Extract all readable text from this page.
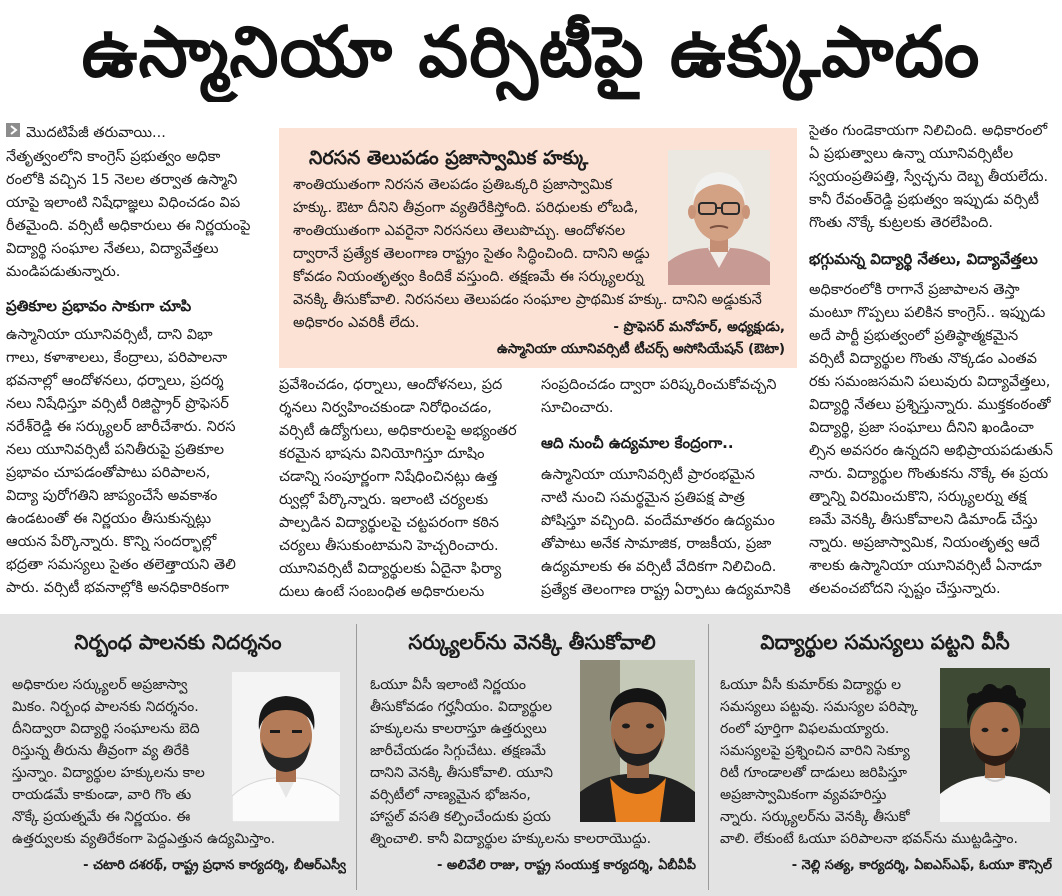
ఉస్మానియా వర్సిటీపై ఉక్కుపాదం
మొదటిపేజీ తరువాయి...
నేతృత్వంలోని కాంగ్రెస్ ప్రభుత్వం అధికా
రంలోకి వచ్చిన 15 నెలల తర్వాత ఉస్మాని
యాపై ఇలాంటి నిషేధాజ్ఞలు విధించడం విప
రీతమైంది. వర్సిటీ అధికారులు ఈ నిర్ణయంపై
విద్యార్థి సంఘాల నేతలు, విద్యావేత్తలు
మండిపడుతున్నారు.
ప్రతికూల ప్రభావం సాకుగా చూపి
ఉస్మానియా యూనివర్సిటీ, దాని విభా
గాలు, కళాశాలలు, కేంద్రాలు, పరిపాలనా
భవనాల్లో ఆందోళనలు, ధర్నాలు, ప్రదర్శ
నలు నిషేధిస్తూ వర్సిటీ రిజిస్ట్రార్ ప్రొఫెసర్
నరేశ్‌రెడ్డి ఈ సర్క్యులర్ జారీచేశారు. నిరస
నలు యూనివర్సిటీ పనితీరుపై ప్రతికూల
ప్రభావం చూపడంతోపాటు పరిపాలన,
విద్యా పురోగతిని జాప్యంచేసే అవకాశం
ఉండటంతో ఈ నిర్ణయం తీసుకున్నట్లు
ఆయన పేర్కొన్నారు. కొన్ని సందర్భాల్లో
భద్రతా సమస్యలు సైతం తలెత్తాయని తెలి
పారు. వర్సిటీ భవనాల్లోకి అనధికారికంగా
నిరసన తెలుపడం ప్రజాస్వామిక హక్కు
శాంతియుతంగా నిరసన తెలపడం ప్రతిఒక్కరి ప్రజాస్వామిక
హక్కు. ఔటా దీనిని తీవ్రంగా వ్యతిరేకిస్తోంది. పరిధులకు లోబడి,
శాంతియుతంగా ఎవరైనా నిరసనలు తెలుపొచ్చు. ఆందోళనల
ద్వారానే ప్రత్యేక తెలంగాణ రాష్ట్రం సైతం సిద్ధించింది. దానిని అడ్డు
కోవడం నియంతృత్వం కిందికే వస్తుంది. తక్షణమే ఈ సర్క్యులర్ను
వెనక్కి తీసుకోవాలి. నిరసనలు తెలుపడం సంఘాల ప్రాథమిక హక్కు. దానిని అడ్డుకునే
అధికారం ఎవరికీ లేదు.	- ప్రొఫెసర్ మనోహర్, అధ్యక్షుడు,
ఉస్మానియా యూనివర్సిటీ టీచర్స్ అసోసియేషన్ (ఔటా)
ప్రవేశించడం, ధర్నాలు, ఆందోళనలు, ప్రద
ర్శనలు నిర్వహించకుండా నిరోధించడం,
వర్సిటీ ఉద్యోగులు, అధికారులపై అభ్యంతర
కరమైన భాషను వినియోగిస్తూ దూషిం
చడాన్ని సంపూర్ణంగా నిషేధించినట్లు ఉత్త
ర్వుల్లో పేర్కొన్నారు. ఇలాంటి చర్యలకు
పాల్పడిన విద్యార్థులపై చట్టపరంగా కఠిన
చర్యలు తీసుకుంటామని హెచ్చరించారు.
యూనివర్సిటీ విద్యార్థులకు ఏదైనా ఫిర్యా
దులు ఉంటే సంబంధిత అధికారులను
సంప్రదించడం ద్వారా పరిష్కరించుకోవచ్చని
సూచించారు.
ఆది నుంచీ ఉద్యమాల కేంద్రంగా..
ఉస్మానియా యూనివర్సిటీ ప్రారంభమైన
నాటి నుంచి సమర్థమైన ప్రతిపక్ష పాత్ర
పోషిస్తూ వచ్చింది. వందేమాతరం ఉద్యమం
తోపాటు అనేక సామాజిక, రాజకీయ, ప్రజా
ఉద్యమాలకు ఈ వర్సిటీ వేదికగా నిలిచింది.
ప్రత్యేక తెలంగాణ రాష్ట్ర ఏర్పాటు ఉద్యమానికి
సైతం గుండెకాయగా నిలిచింది. అధికారంలో
ఏ ప్రభుత్వాలు ఉన్నా యూనివర్సిటీల
స్వయంప్రతిపత్తి, స్వేచ్ఛను దెబ్బ తీయలేదు.
కానీ రేవంత్‌రెడ్డి ప్రభుత్వం ఇప్పుడు వర్సిటీ
గొంతు నొక్కే కుట్రలకు తెరలేపింది.
భగ్గుమన్న విద్యార్థి నేతలు, విద్యావేత్తలు
అధికారంలోకి రాగానే ప్రజాపాలన తెస్తా
మంటూ గొప్పలు పలికిన కాంగ్రెస్.. ఇప్పుడు
అదే పార్టీ ప్రభుత్వంలో ప్రతిష్ఠాత్మకమైన
వర్సిటీ విద్యార్థుల గొంతు నొక్కడం ఎంతవ
రకు సమంజసమని పలువురు విద్యావేత్తలు,
విద్యార్థి నేతలు ప్రశ్నిస్తున్నారు. ముక్తకంఠంతో
విద్యార్థి, ప్రజా సంఘాలు దీనిని ఖండించా
ల్సిన అవసరం ఉన్నదని అభిప్రాయపడుతున్
నారు. విద్యార్థుల గొంతుకను నొక్కే ఈ ప్రయ
త్నాన్ని విరమించుకొని, సర్క్యులర్ను తక్ష
ణమే వెనక్కి తీసుకోవాలని డిమాండ్ చేస్తు
న్నారు. అప్రజాస్వామిక, నియంతృత్వ ఆదే
శాలకు ఉస్మానియా యూనివర్సిటీ ఏనాడూ
తలవంచబోదని స్పష్టం చేస్తున్నారు.
నిర్బంధ పాలనకు నిదర్శనం
అధికారుల సర్క్యులర్ అప్రజాస్వా
మికం. నిర్బంధ పాలనకు నిదర్శనం.
దీనిద్వారా విద్యార్థి సంఘాలను బెది
రిస్తున్న తీరును తీవ్రంగా వ్య తిరేకి
స్తున్నాం. విద్యార్థుల హక్కులను కాల
రాయడమే కాకుండా, వారి గొం తు
నొక్కే ప్రయత్నమే ఈ నిర్ణయం. ఈ
ఉత్తర్వులకు వ్యతిరేకంగా పెద్దఎత్తున ఉద్యమిస్తాం.
- చటారి దశరథ్, రాష్ట్ర ప్రధాన కార్యదర్శి, బీఆర్‌ఎస్వీ
సర్క్యులర్‌ను వెనక్కి తీసుకోవాలి
ఓయూ వీసీ ఇలాంటి నిర్ణయం
తీసుకోవడం గర్హనీయం. విద్యార్థుల
హక్కులను కాలరాస్తూ ఉత్తర్వులు
జారీచేయడం సిగ్గుచేటు. తక్షణమే
దానిని వెనక్కి తీసుకోవాలి. యూని
వర్సిటీలో నాణ్యమైన భోజనం,
హాస్టల్ వసతి కల్పించేందుకు ప్రయ
త్నించాలి. కానీ విద్యార్థుల హక్కులను కాలరాయొద్దు.
- అలివేలి రాజు, రాష్ట్ర సంయుక్త కార్యదర్శి, ఏబీవీపీ
విద్యార్థుల సమస్యలు పట్టని వీసీ
ఓయూ వీసీ కుమార్‌కు విద్యార్థు ల
సమస్యలు పట్టవు. సమస్యల పరిష్కా
రంలో పూర్తిగా విఫలమయ్యారు.
సమస్యలపై ప్రశ్నించిన వారిని సెక్యూ
రిటీ గూండాలతో దాడులు జరిపిస్తూ
అప్రజాస్వామికంగా వ్యవహరిస్తు
న్నారు. సర్క్యులర్‌ను వెనక్కి తీసుకో
వాలి. లేకుంటే ఓయూ పరిపాలనా భవన్‌ను ముట్టడిస్తాం.
- నెల్లి సత్య, కార్యదర్శి, ఏఐఎస్ఎఫ్, ఓయూ కౌన్సిల్
